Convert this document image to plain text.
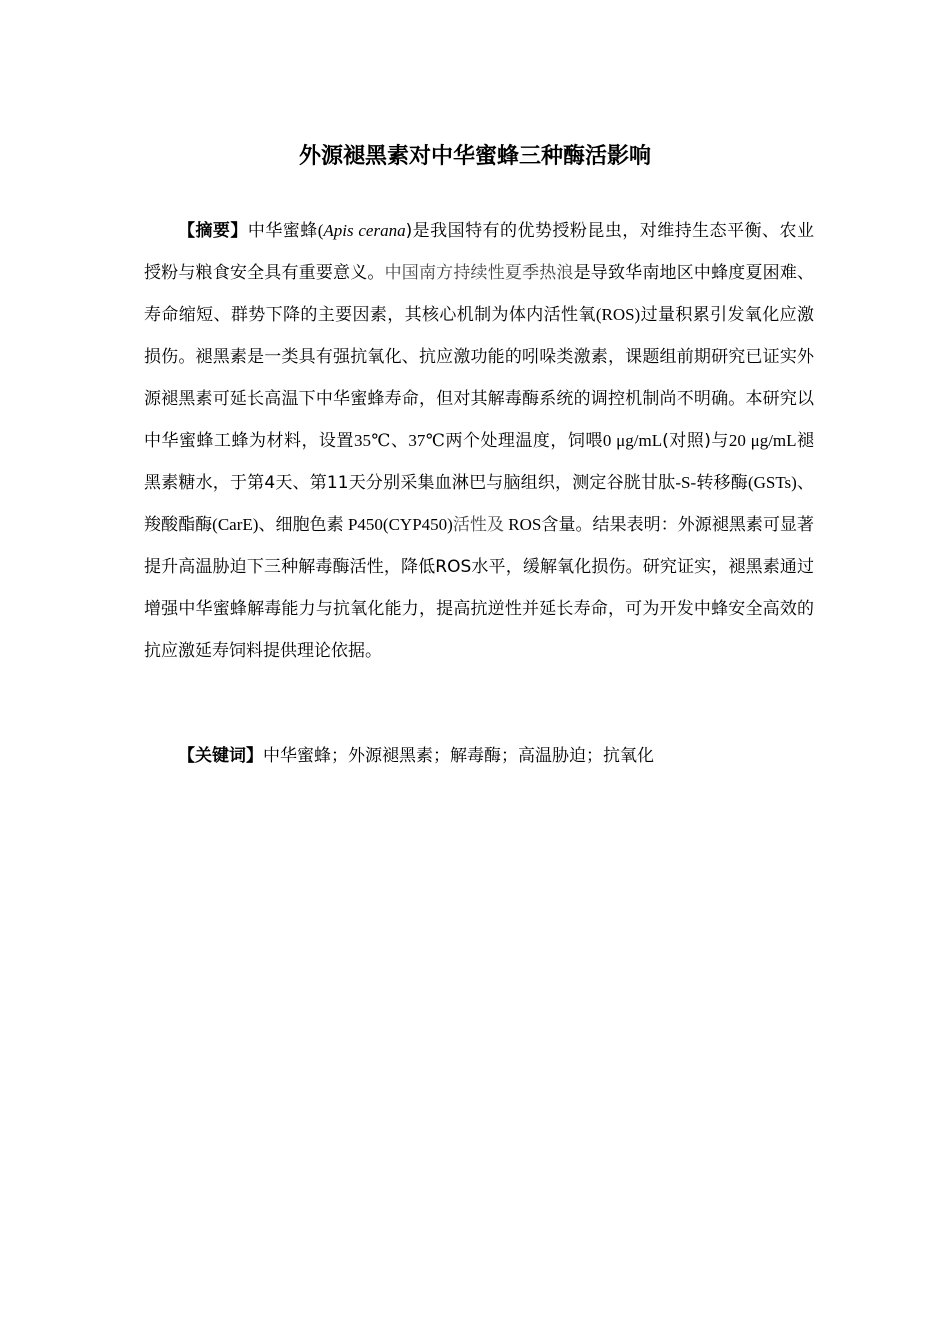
外源褪黑素对中华蜜蜂三种酶活影响

【摘要】中华蜜蜂(Apis cerana)是我国特有的优势授粉昆虫，对维持生态平衡、农业授粉与粮食安全具有重要意义。中国南方持续性夏季热浪是导致华南地区中蜂度夏困难、寿命缩短、群势下降的主要因素，其核心机制为体内活性氧(ROS)过量积累引发氧化应激损伤。褪黑素是一类具有强抗氧化、抗应激功能的吲哚类激素，课题组前期研究已证实外源褪黑素可延长高温下中华蜜蜂寿命，但对其解毒酶系统的调控机制尚不明确。本研究以中华蜜蜂工蜂为材料，设置35℃、37℃两个处理温度，饲喂0 μg/mL(对照)与20 μg/mL褪黑素糖水，于第4天、第11天分别采集血淋巴与脑组织，测定谷胱甘肽-S-转移酶(GSTs)、羧酸酯酶(CarE)、细胞色素 P450(CYP450)活性及 ROS含量。结果表明：外源褪黑素可显著提升高温胁迫下三种解毒酶活性，降低ROS水平，缓解氧化损伤。研究证实，褪黑素通过增强中华蜜蜂解毒能力与抗氧化能力，提高抗逆性并延长寿命，可为开发中蜂安全高效的抗应激延寿饲料提供理论依据。

【关键词】中华蜜蜂；外源褪黑素；解毒酶；高温胁迫；抗氧化
